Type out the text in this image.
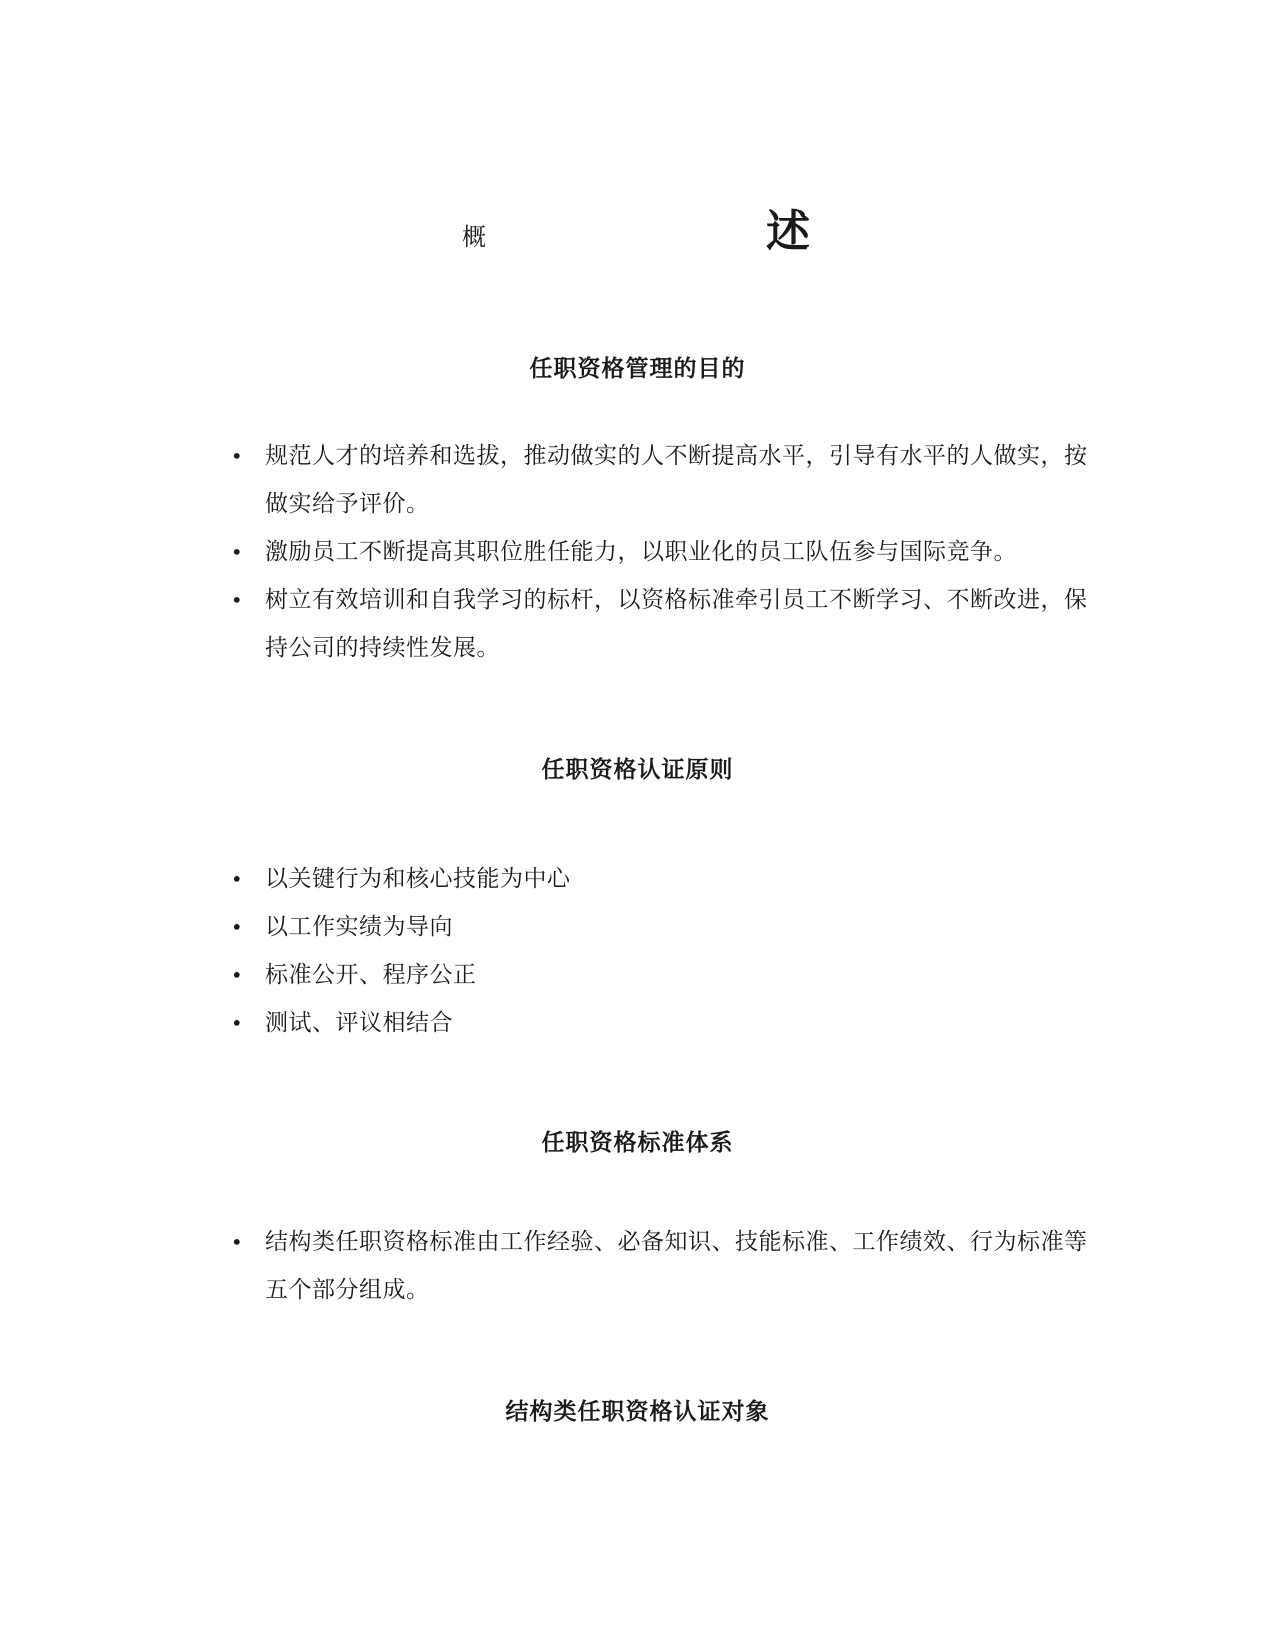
概	述
任职资格管理的目的
• 规范人才的培养和选拔，推动做实的人不断提高水平，引导有水平的人做实，按做实给予评价。
• 激励员工不断提高其职位胜任能力，以职业化的员工队伍参与国际竞争。
• 树立有效培训和自我学习的标杆，以资格标准牵引员工不断学习、不断改进，保持公司的持续性发展。
任职资格认证原则
• 以关键行为和核心技能为中心
• 以工作实绩为导向
• 标准公开、程序公正
• 测试、评议相结合
任职资格标准体系
• 结构类任职资格标准由工作经验、必备知识、技能标准、工作绩效、行为标准等五个部分组成。
结构类任职资格认证对象
